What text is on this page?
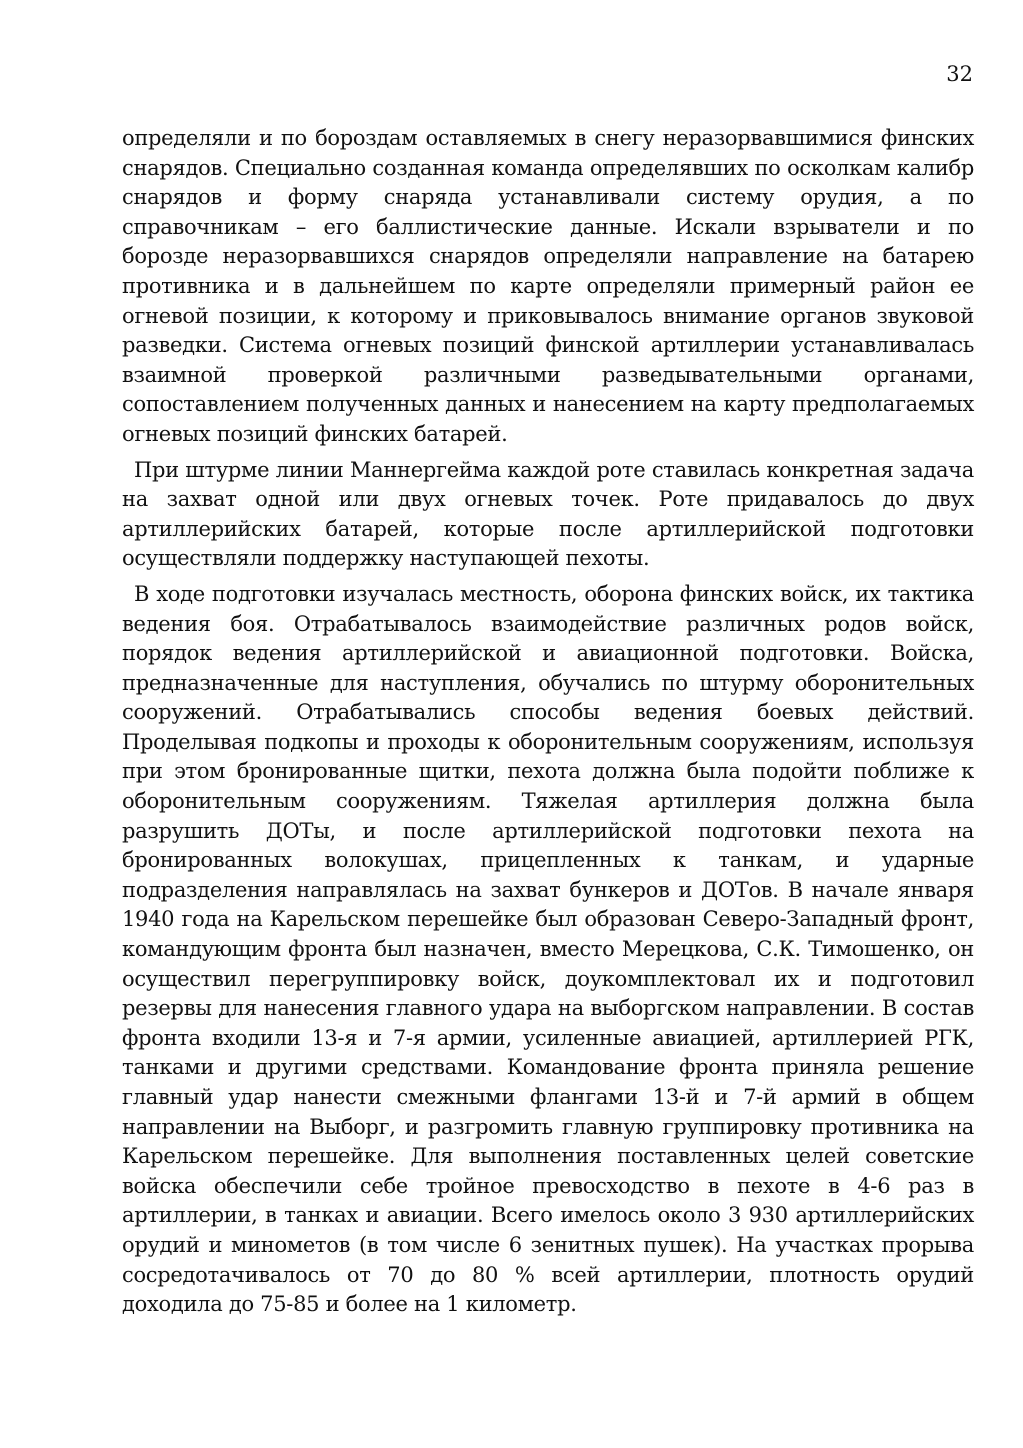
32

определяли и по бороздам оставляемых в снегу неразорвавшимися финских снарядов. Специально созданная команда определявших по осколкам калибр снарядов и форму снаряда устанавливали систему орудия, а по справочникам – его баллистические данные. Искали взрыватели и по борозде неразорвавшихся снарядов определяли направление на батарею противника и в дальнейшем по карте определяли примерный район ее огневой позиции, к которому и приковывалось внимание органов звуковой разведки. Система огневых позиций финской артиллерии устанавливалась взаимной проверкой различными разведывательными органами, сопоставлением полученных данных и нанесением на карту предполагаемых огневых позиций финских батарей.

При штурме линии Маннергейма каждой роте ставилась конкретная задача на захват одной или двух огневых точек. Роте придавалось до двух артиллерийских батарей, которые после артиллерийской подготовки осуществляли поддержку наступающей пехоты.

В ходе подготовки изучалась местность, оборона финских войск, их тактика ведения боя. Отрабатывалось взаимодействие различных родов войск, порядок ведения артиллерийской и авиационной подготовки. Войска, предназначенные для наступления, обучались по штурму оборонительных сооружений. Отрабатывались способы ведения боевых действий. Проделывая подкопы и проходы к оборонительным сооружениям, используя при этом бронированные щитки, пехота должна была подойти поближе к оборонительным сооружениям. Тяжелая артиллерия должна была разрушить ДОТы, и после артиллерийской подготовки пехота на бронированных волокушах, прицепленных к танкам, и ударные подразделения направлялась на захват бункеров и ДОТов. В начале января 1940 года на Карельском перешейке был образован Северо-Западный фронт, командующим фронта был назначен, вместо Мерецкова, С.К. Тимошенко, он осуществил перегруппировку войск, доукомплектовал их и подготовил резервы для нанесения главного удара на выборгском направлении. В состав фронта входили 13-я и 7-я армии, усиленные авиацией, артиллерией РГК, танками и другими средствами. Командование фронта приняла решение главный удар нанести смежными флангами 13-й и 7-й армий в общем направлении на Выборг, и разгромить главную группировку противника на Карельском перешейке. Для выполнения поставленных целей советские войска обеспечили себе тройное превосходство в пехоте в 4-6 раз в артиллерии, в танках и авиации. Всего имелось около 3 930 артиллерийских орудий и минометов (в том числе 6 зенитных пушек). На участках прорыва сосредотачивалось от 70 до 80 % всей артиллерии, плотность орудий доходила до 75-85 и более на 1 километр.
